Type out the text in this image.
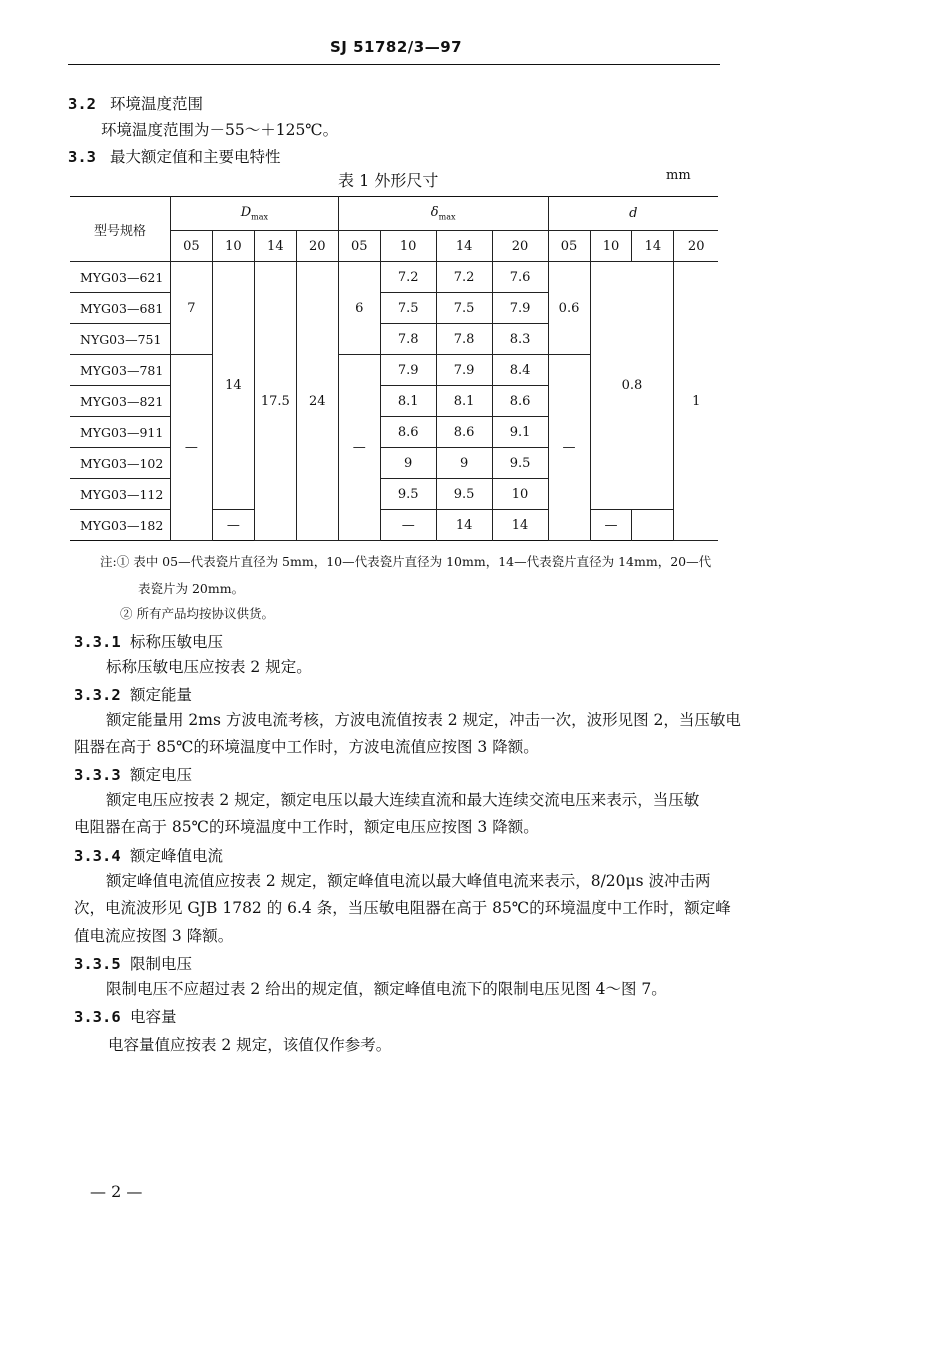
SJ 51782/3—97
3.2 环境温度范围
环境温度范围为－55～＋125℃。
3.3 最大额定值和主要电特性
表 1 外形尺寸	mm
型号规格	$D_{max}$				$\delta_{max}$				d			
	05	10	14	20	05	10	14	20	05	10	14	20
MYG03—621	7	14	17.5	24	6	7.2	7.2	7.6	0.6	0.8		1
MYG03—681						7.5	7.5	7.9				
NYG03—751						7.8	7.8	8.3				
MYG03—781	—				—	7.9	7.9	8.4	—			
MYG03—821						8.1	8.1	8.6				
MYG03—911						8.6	8.6	9.1				
MYG03—102						9	9	9.5				
MYG03—112						9.5	9.5	10				
MYG03—182		—				—	14	14		—		
注:① 表中 05—代表瓷片直径为 5mm，10—代表瓷片直径为 10mm，14—代表瓷片直径为 14mm，20—代
表瓷片为 20mm。
② 所有产品均按协议供货。
3.3.1 标称压敏电压
标称压敏电压应按表 2 规定。
3.3.2 额定能量
额定能量用 2ms 方波电流考核，方波电流值按表 2 规定，冲击一次，波形见图 2，当压敏电
阻器在高于 85℃的环境温度中工作时，方波电流值应按图 3 降额。
3.3.3 额定电压
额定电压应按表 2 规定，额定电压以最大连续直流和最大连续交流电压来表示，当压敏
电阻器在高于 85℃的环境温度中工作时，额定电压应按图 3 降额。
3.3.4 额定峰值电流
额定峰值电流值应按表 2 规定，额定峰值电流以最大峰值电流来表示，8/20μs 波冲击两
次，电流波形见 GJB 1782 的 6.4 条，当压敏电阻器在高于 85℃的环境温度中工作时，额定峰
值电流应按图 3 降额。
3.3.5 限制电压
限制电压不应超过表 2 给出的规定值，额定峰值电流下的限制电压见图 4～图 7。
3.3.6 电容量
电容量值应按表 2 规定，该值仅作参考。
— 2 —
